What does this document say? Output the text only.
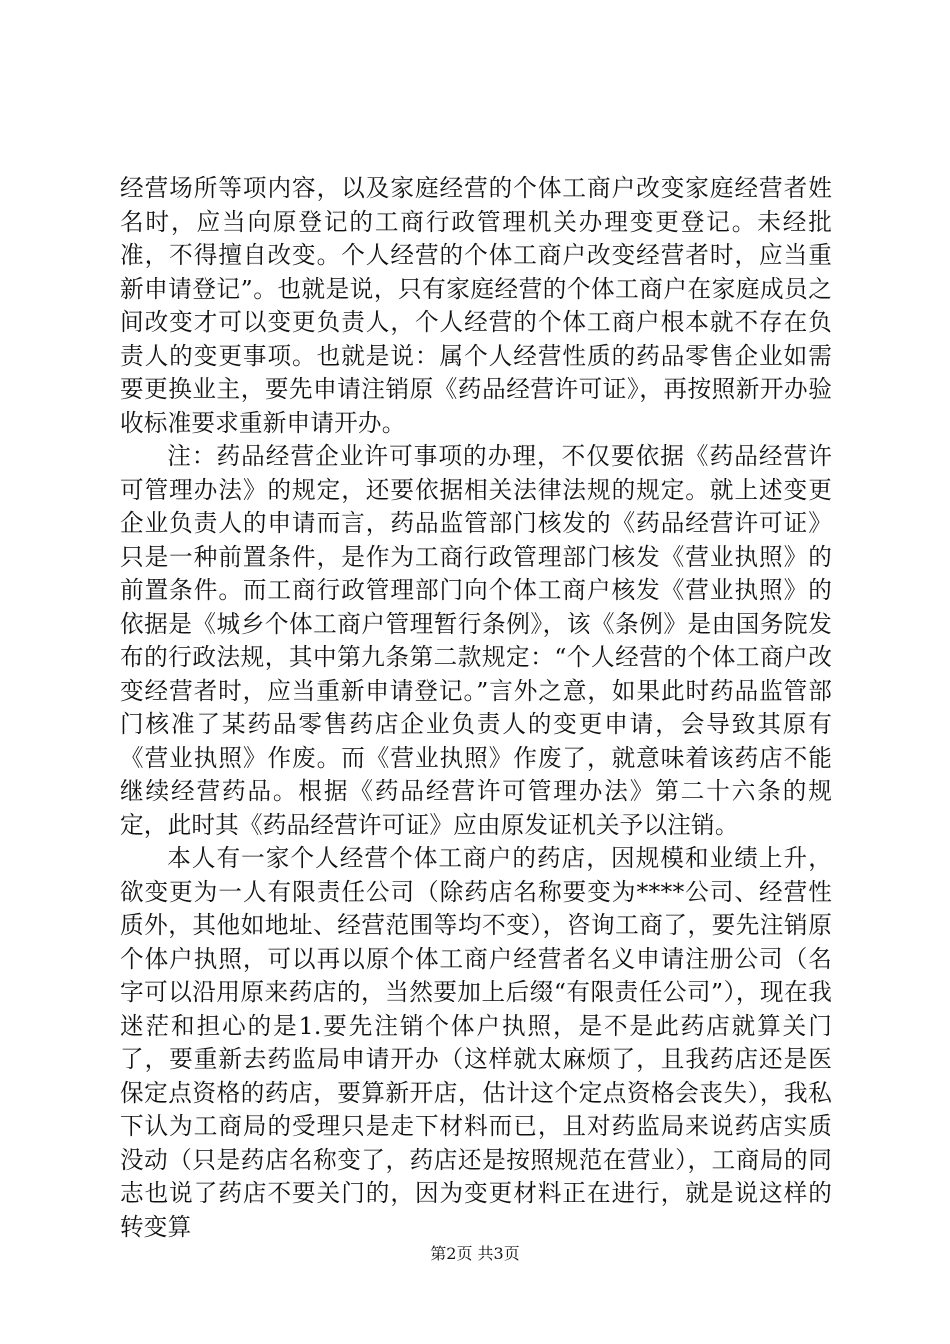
经营场所等项内容，以及家庭经营的个体工商户改变家庭经营者姓名时，应当向原登记的工商行政管理机关办理变更登记。未经批准，不得擅自改变。个人经营的个体工商户改变经营者时，应当重新申请登记”。也就是说，只有家庭经营的个体工商户在家庭成员之间改变才可以变更负责人，个人经营的个体工商户根本就不存在负责人的变更事项。也就是说：属个人经营性质的药品零售企业如需要更换业主，要先申请注销原《药品经营许可证》，再按照新开办验收标准要求重新申请开办。

注：药品经营企业许可事项的办理，不仅要依据《药品经营许可管理办法》的规定，还要依据相关法律法规的规定。就上述变更企业负责人的申请而言，药品监管部门核发的《药品经营许可证》只是一种前置条件，是作为工商行政管理部门核发《营业执照》的前置条件。而工商行政管理部门向个体工商户核发《营业执照》的依据是《城乡个体工商户管理暂行条例》，该《条例》是由国务院发布的行政法规，其中第九条第二款规定：“个人经营的个体工商户改变经营者时，应当重新申请登记。”言外之意，如果此时药品监管部门核准了某药品零售药店企业负责人的变更申请，会导致其原有《营业执照》作废。而《营业执照》作废了，就意味着该药店不能继续经营药品。根据《药品经营许可管理办法》第二十六条的规定，此时其《药品经营许可证》应由原发证机关予以注销。

本人有一家个人经营个体工商户的药店，因规模和业绩上升，欲变更为一人有限责任公司（除药店名称要变为****公司、经营性质外，其他如地址、经营范围等均不变），咨询工商了，要先注销原个体户执照，可以再以原个体工商户经营者名义申请注册公司（名字可以沿用原来药店的，当然要加上后缀“有限责任公司”），现在我迷茫和担心的是1.要先注销个体户执照，是不是此药店就算关门了，要重新去药监局申请开办（这样就太麻烦了，且我药店还是医保定点资格的药店，要算新开店，估计这个定点资格会丧失），我私下认为工商局的受理只是走下材料而已，且对药监局来说药店实质没动（只是药店名称变了，药店还是按照规范在营业），工商局的同志也说了药店不要关门的，因为变更材料正在进行，就是说这样的转变算

第2页 共3页
